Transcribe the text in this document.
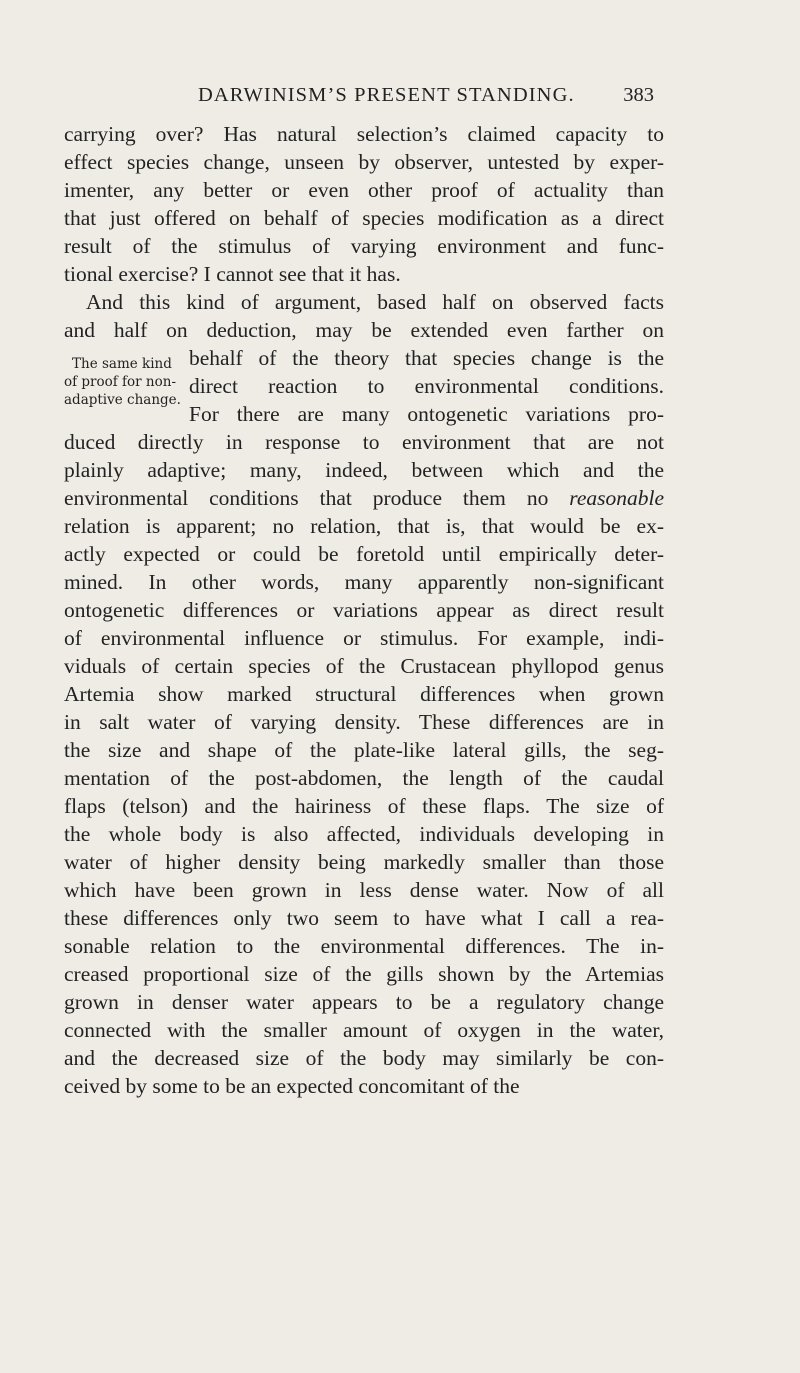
DARWINISM’S PRESENT STANDING. 383
The same kind
of proof for non-
adaptive change.
carrying over? Has natural selection’s claimed capacity to
effect species change, unseen by observer, untested by exper-
imenter, any better or even other proof of actuality than
that just offered on behalf of species modification as a direct
result of the stimulus of varying environment and func-
tional exercise? I cannot see that it has.
And this kind of argument, based half on observed facts
and half on deduction, may be extended even farther on
behalf of the theory that species change is the
direct reaction to environmental conditions.
For there are many ontogenetic variations pro-
duced directly in response to environment that are not
plainly adaptive; many, indeed, between which and the
environmental conditions that produce them no reasonable
relation is apparent; no relation, that is, that would be ex-
actly expected or could be foretold until empirically deter-
mined. In other words, many apparently non-significant
ontogenetic differences or variations appear as direct result
of environmental influence or stimulus. For example, indi-
viduals of certain species of the Crustacean phyllopod genus
Artemia show marked structural differences when grown
in salt water of varying density. These differences are in
the size and shape of the plate-like lateral gills, the seg-
mentation of the post-abdomen, the length of the caudal
flaps (telson) and the hairiness of these flaps. The size of
the whole body is also affected, individuals developing in
water of higher density being markedly smaller than those
which have been grown in less dense water. Now of all
these differences only two seem to have what I call a rea-
sonable relation to the environmental differences. The in-
creased proportional size of the gills shown by the Artemias
grown in denser water appears to be a regulatory change
connected with the smaller amount of oxygen in the water,
and the decreased size of the body may similarly be con-
ceived by some to be an expected concomitant of the
